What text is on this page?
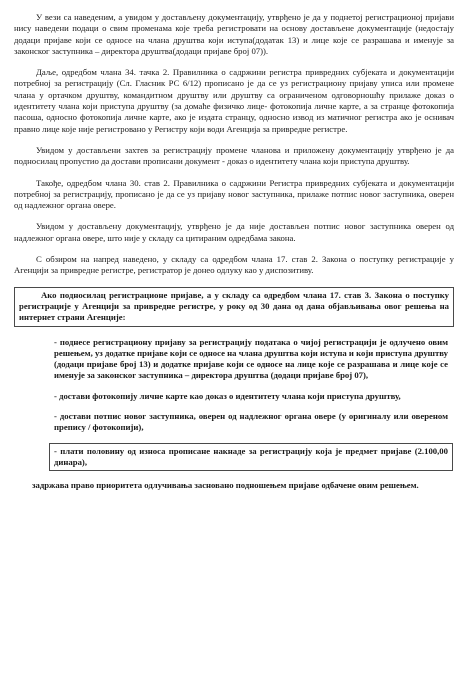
У вези са наведеним, а увидом у достављену документацију, утврђено је да у поднетој регистрационој пријави нису наведени подаци о свим променама које треба регистровати на основу достављене документације (недостају додаци пријаве који се односе на чланa друштва који иступа(додатак 13) и лице које се разрашава и именује за законског заступника – директора друштва(додаци пријаве број 07)).

Даље, одредбом члана 34. тачка 2. Правилника о садржини регистра привредних субјеката и документацији потребној за регистрацију (Сл. Гласник РС 6/12) прописано је да се уз регистрациону пријаву уписа или промене члана у ортачком друштву, командитном друштву или друштву са ограниченом одговорношћу прилаже доказ о идентитету члана који приступа друштву (за домаће физичко лице- фотокопија личне карте, а за странце фотокопија пасоша, односно фотокопија личне карте, ако је издата странцу, односно извод из матичног регистра ако је оснивач правно лице које није регистровано у Регистру који води Агенција за привредне регистре.

Увидом у достављени захтев за регистрацију промене чланова и приложену документацију утврђено је да подносилац пропустио да достави прописани документ - доказ о идентитету члана који приступа друштву.

Такође, одредбом члана 30. став 2. Правилника о садржини Регистра привредних субјеката и документацији потребној за регистрацију, прописано је да се уз пријаву новог заступника, прилаже потпис новог заступника, оверен од надлежног органа овере.

Увидом у достављену документацију, утврђено је да није достављен потпис новог заступника оверен од надлежног органа овере, што није у складу са цитираним одредбама закона.

С обзиром на напред наведено, у складу са одредбом члана 17. став 2. Закона о поступку регистрације у Агенцији за привредне регистре, регистратор је донео одлуку као у диспозитиву.

Ако подносилац регистрационе пријаве, а у складу са одредбом члана 17. став 3. Закона о поступку регистрације у Агенцији за привредне регистре, у року од 30 дана од дана објављивања овог решења на интернет страни Агенције:

- поднесе регистрациону пријаву за регистрацију података о чијој регистрацији је одлучено овим решењем, уз додатке пријаве који се односе на чланa друштва који иступа и који приступа друштву (додаци пријаве број 13) и додатке пријаве који се односе на лице које се разрашава и лице које се именује за законског заступника – директора друштва (додаци пријаве број 07),

- достави фотокопију личне карте као доказ о идентитету члана који приступа друштву,

- достави потпис новог заступника, оверен од надлежног органа овере (у оригиналу или овереном препису / фотокопији),

- плати половину од износа прописане накнаде за регистрацију која је предмет пријаве (2.100,00 динара),

задржава право приоритета одлучивања засновано подношењем пријаве одбачене овим решењем.
